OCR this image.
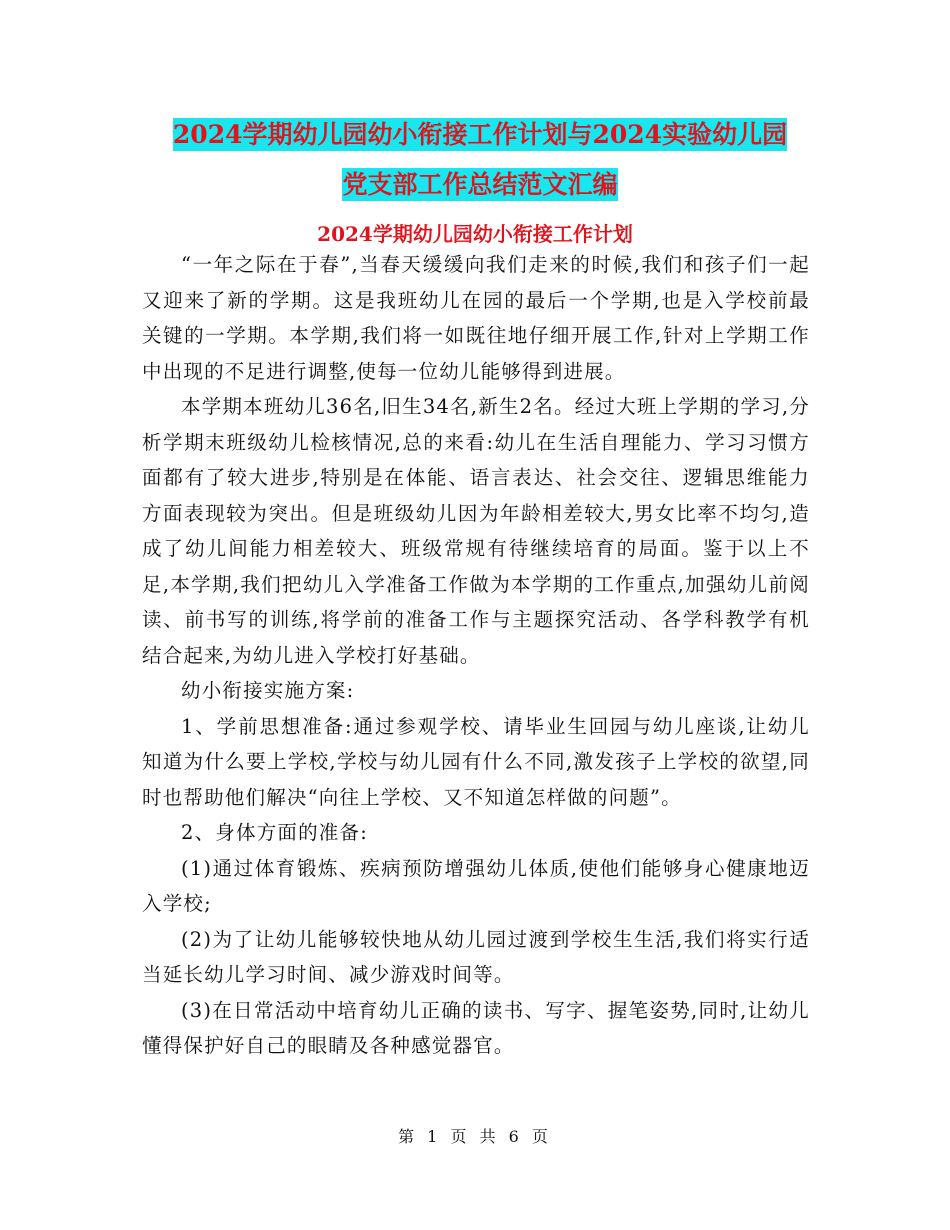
2024学期幼儿园幼小衔接工作计划与2024实验幼儿园
党支部工作总结范文汇编
2024学期幼儿园幼小衔接工作计划

“一年之际在于春”,当春天缓缓向我们走来的时候,我们和孩子们一起又迎来了新的学期。这是我班幼儿在园的最后一个学期,也是入学校前最关键的一学期。本学期,我们将一如既往地仔细开展工作,针对上学期工作中出现的不足进行调整,使每一位幼儿能够得到进展。

本学期本班幼儿36名,旧生34名,新生2名。经过大班上学期的学习,分析学期末班级幼儿检核情况,总的来看:幼儿在生活自理能力、学习习惯方面都有了较大进步,特别是在体能、语言表达、社会交往、逻辑思维能力方面表现较为突出。但是班级幼儿因为年龄相差较大,男女比率不均匀,造成了幼儿间能力相差较大、班级常规有待继续培育的局面。鉴于以上不足,本学期,我们把幼儿入学准备工作做为本学期的工作重点,加强幼儿前阅读、前书写的训练,将学前的准备工作与主题探究活动、各学科教学有机结合起来,为幼儿进入学校打好基础。

幼小衔接实施方案:

1、学前思想准备:通过参观学校、请毕业生回园与幼儿座谈,让幼儿知道为什么要上学校,学校与幼儿园有什么不同,激发孩子上学校的欲望,同时也帮助他们解决“向往上学校、又不知道怎样做的问题”。

2、身体方面的准备:

(1)通过体育锻炼、疾病预防增强幼儿体质,使他们能够身心健康地迈入学校;

(2)为了让幼儿能够较快地从幼儿园过渡到学校生生活,我们将实行适当延长幼儿学习时间、减少游戏时间等。

(3)在日常活动中培育幼儿正确的读书、写字、握笔姿势,同时,让幼儿懂得保护好自己的眼睛及各种感觉器官。

第 1 页 共 6 页
